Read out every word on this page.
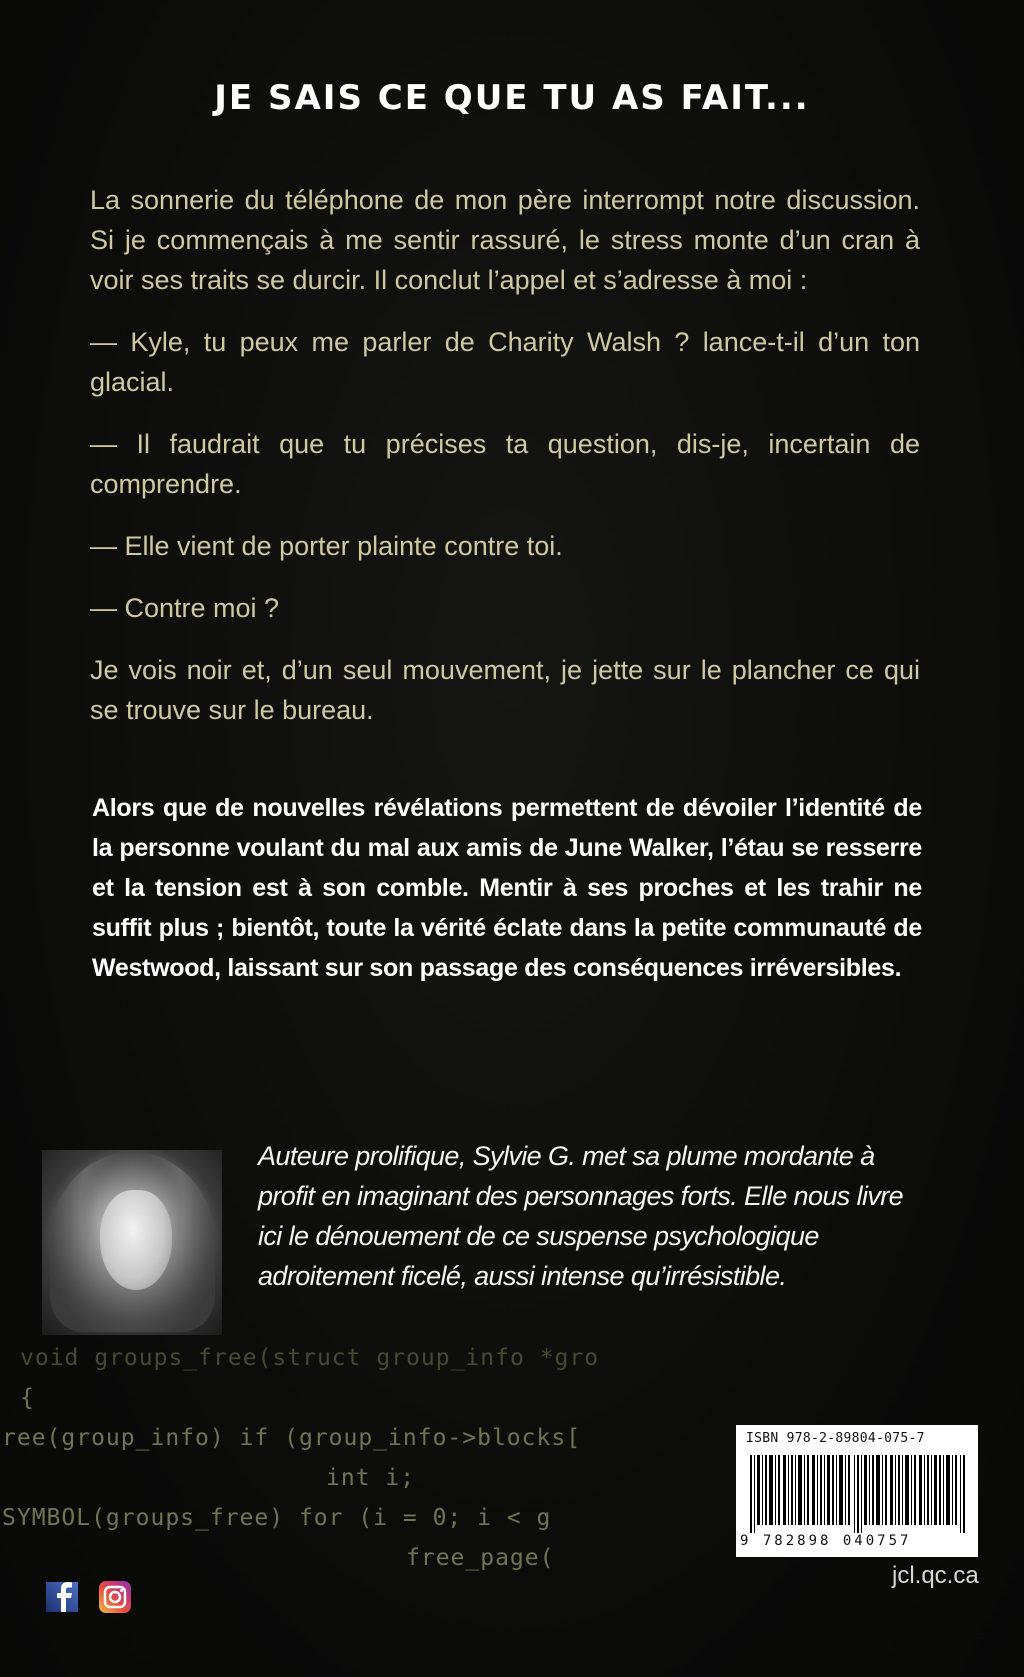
JE SAIS CE QUE TU AS FAIT...

La sonnerie du téléphone de mon père interrompt notre discussion. Si je commençais à me sentir rassuré, le stress monte d’un cran à voir ses traits se durcir. Il conclut l’appel et s’adresse à moi :

— Kyle, tu peux me parler de Charity Walsh ? lance-t-il d’un ton glacial.

— Il faudrait que tu précises ta question, dis-je, incertain de comprendre.

— Elle vient de porter plainte contre toi.

— Contre moi ?

Je vois noir et, d’un seul mouvement, je jette sur le plancher ce qui se trouve sur le bureau.

Alors que de nouvelles révélations permettent de dévoiler l’identité de la personne voulant du mal aux amis de June Walker, l’étau se resserre et la tension est à son comble. Mentir à ses proches et les trahir ne suffit plus ; bientôt, toute la vérité éclate dans la petite communauté de Westwood, laissant sur son passage des conséquences irréversibles.

Auteure prolifique, Sylvie G. met sa plume mordante à profit en imaginant des personnages forts. Elle nous livre ici le dénouement de ce suspense psychologique adroitement ficelé, aussi intense qu’irrésistible.
void groups_free(struct group_info *gro
{
ree(group_info) if (group_info->blocks[
int i;
SYMBOL(groups_free) for (i = 0; i < g
free_page(
ISBN 978-2-89804-075-7
9 782898 040757
jcl.qc.ca
